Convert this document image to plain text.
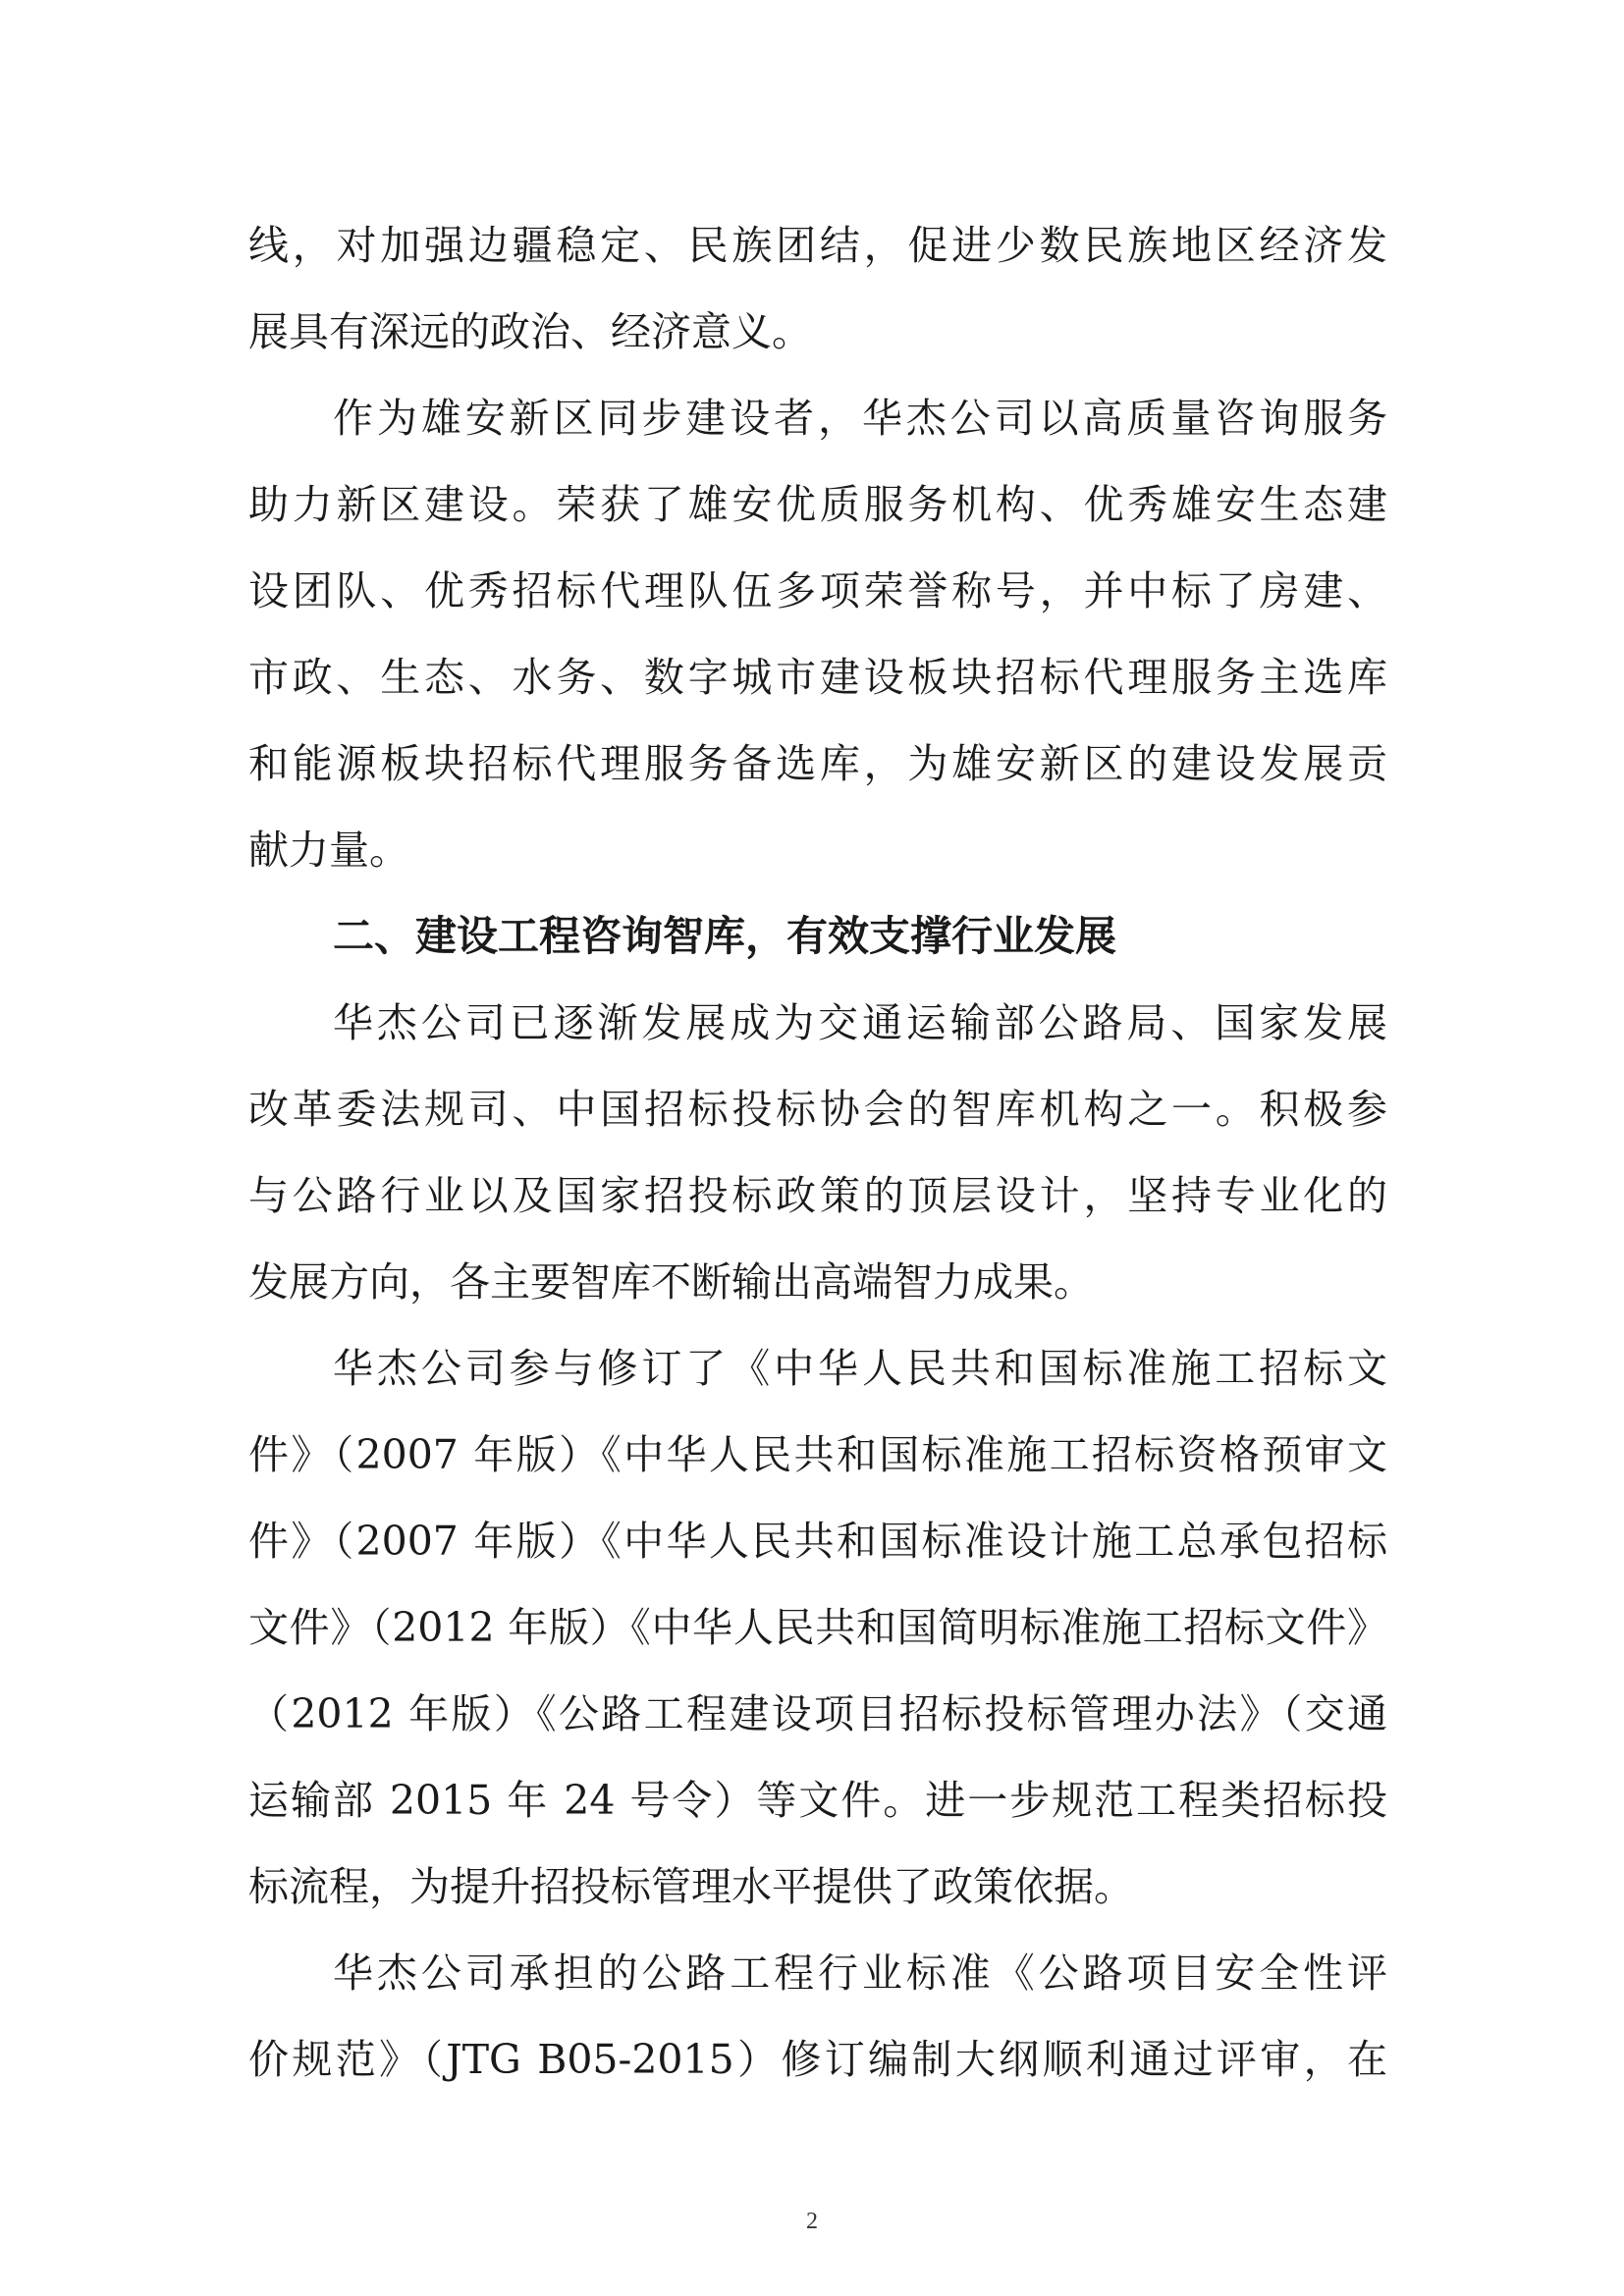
线，对加强边疆稳定、民族团结，促进少数民族地区经济发
展具有深远的政治、经济意义。
作为雄安新区同步建设者，华杰公司以高质量咨询服务
助力新区建设。荣获了雄安优质服务机构、优秀雄安生态建
设团队、优秀招标代理队伍多项荣誉称号，并中标了房建、
市政、生态、水务、数字城市建设板块招标代理服务主选库
和能源板块招标代理服务备选库，为雄安新区的建设发展贡
献力量。
二、建设工程咨询智库，有效支撑行业发展
华杰公司已逐渐发展成为交通运输部公路局、国家发展
改革委法规司、中国招标投标协会的智库机构之一。积极参
与公路行业以及国家招投标政策的顶层设计，坚持专业化的
发展方向，各主要智库不断输出高端智力成果。
华杰公司参与修订了《中华人民共和国标准施工招标文
件》（2007 年版）《中华人民共和国标准施工招标资格预审文
件》（2007 年版）《中华人民共和国标准设计施工总承包招标
文件》（2012 年版）《中华人民共和国简明标准施工招标文件》
（2012 年版）《公路工程建设项目招标投标管理办法》（交通
运输部 2015 年 24 号令）等文件。进一步规范工程类招标投
标流程，为提升招投标管理水平提供了政策依据。
华杰公司承担的公路工程行业标准《公路项目安全性评
价规范》（JTG B05-2015）修订编制大纲顺利通过评审，在
2
